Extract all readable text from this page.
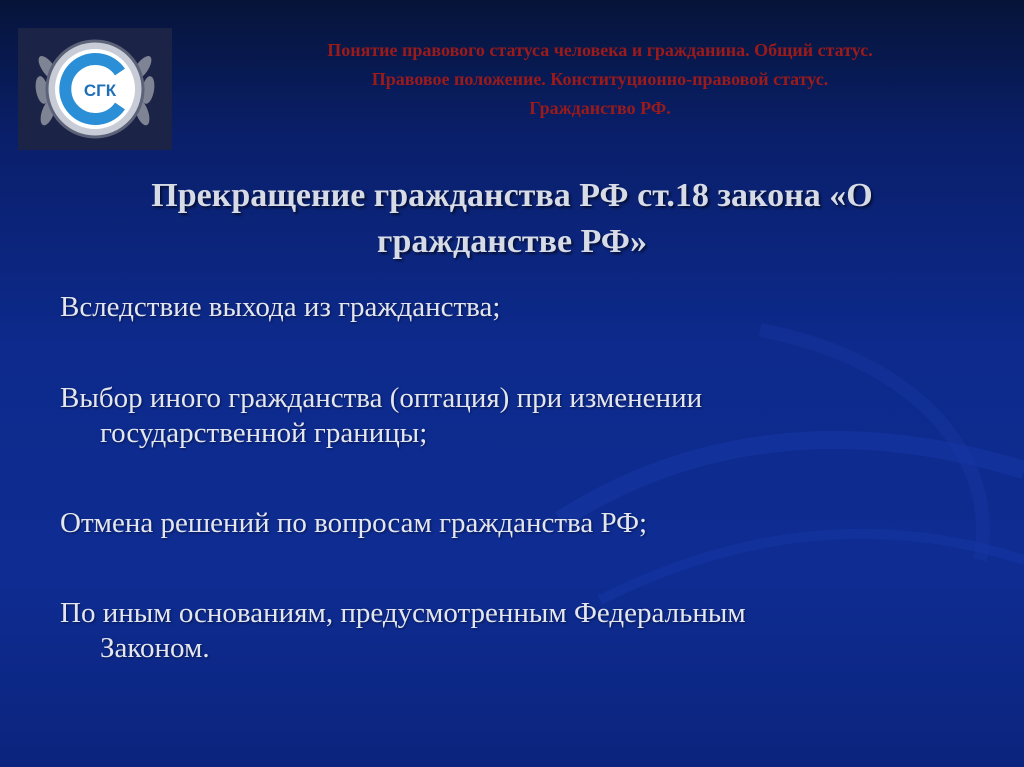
СГК
Понятие правового статуса человека и гражданина. Общий статус.
Правовое положение. Конституционно-правовой статус.
Гражданство РФ.
Прекращение гражданства РФ ст.18 закона «О
гражданстве РФ»
Вследствие выхода из гражданства;
Выбор иного гражданства (оптация) при изменении
государственной границы;
Отмена решений по вопросам гражданства РФ;
По иным основаниям, предусмотренным Федеральным
Законом.
